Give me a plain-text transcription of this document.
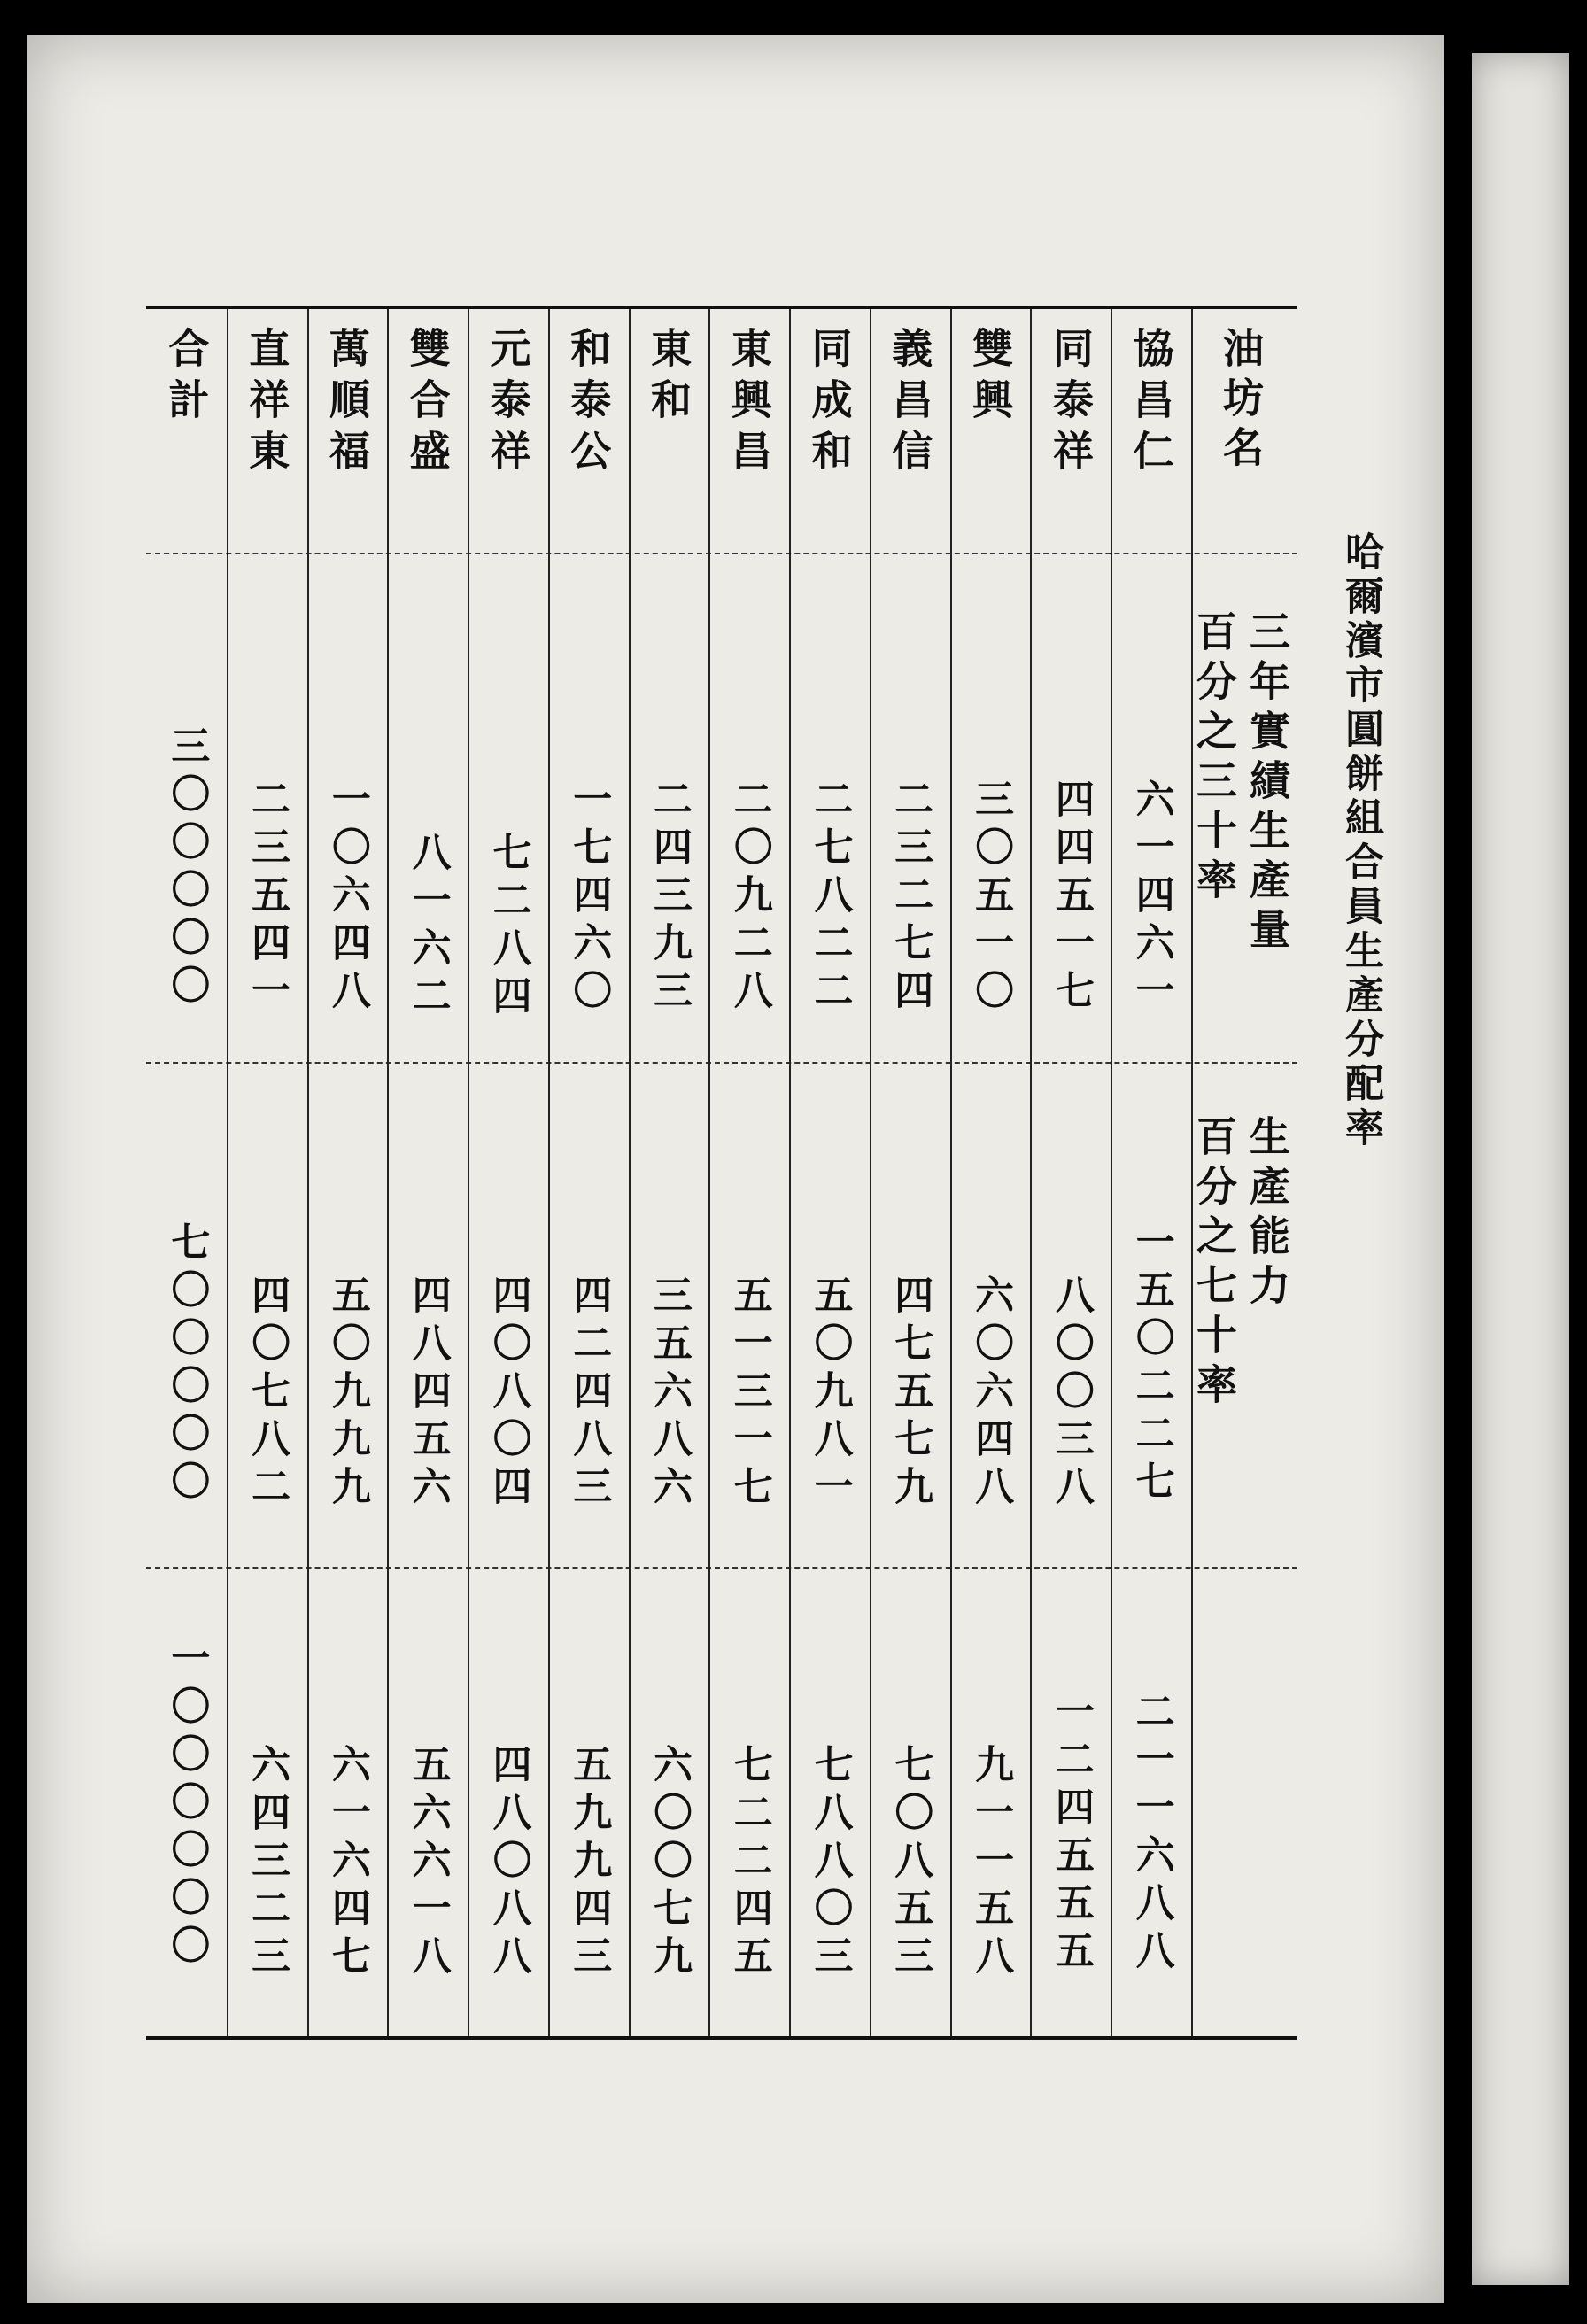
哈爾濱市圓餅組合員生產分配率
油坊名
三年實績生產量
百分之三十率
生產能力
百分之七十率
協昌仁
六一四六一
一五〇二二七
二一一六八八
同泰祥
四四五一七
八〇〇三八
一二四五五五
雙興
三〇五一〇
六〇六四八
九一一五八
義昌信
二三二七四
四七五七九
七〇八五三
同成和
二七八二二
五〇九八一
七八八〇三
東興昌
二〇九二八
五一三一七
七二二四五
東和
二四三九三
三五六八六
六〇〇七九
和泰公
一七四六〇
四二四八三
五九九四三
元泰祥
七二八四
四〇八〇四
四八〇八八
雙合盛
八一六二
四八四五六
五六六一八
萬順福
一〇六四八
五〇九九九
六一六四七
直祥東
二三五四一
四〇七八二
六四三二三
合計
三〇〇〇〇〇
七〇〇〇〇〇
一〇〇〇〇〇〇
